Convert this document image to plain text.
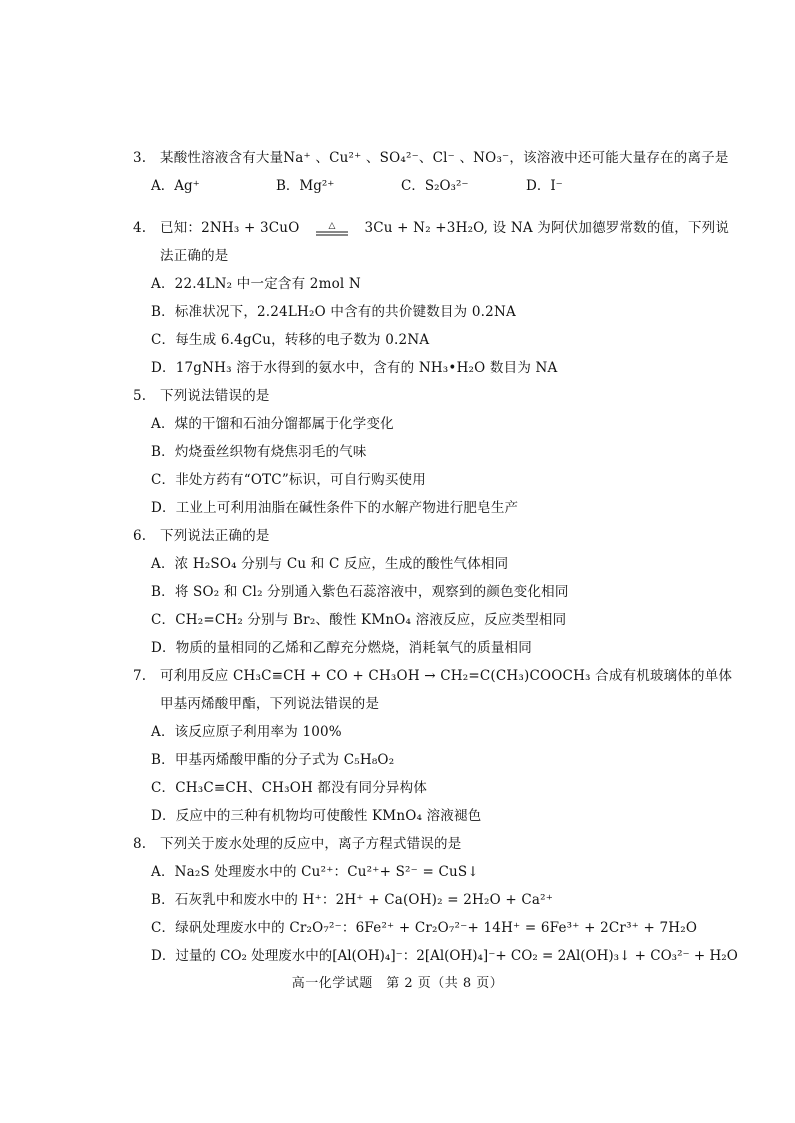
3. 某酸性溶液含有大量Na⁺ 、Cu²⁺ 、SO₄²⁻、Cl⁻ 、NO₃⁻，该溶液中还可能大量存在的离子是
A．Ag⁺	B．Mg²⁺	C．S₂O₃²⁻	D．I⁻
4. 已知：2NH₃ + 3CuO	△ 3Cu + N₂ +3H₂O, 设 NA 为阿伏加德罗常数的值，下列说
法正确的是
A．22.4LN₂ 中一定含有 2mol N
B．标准状况下，2.24LH₂O 中含有的共价键数目为 0.2NA
C．每生成 6.4gCu，转移的电子数为 0.2NA
D．17gNH₃ 溶于水得到的氨水中，含有的 NH₃•H₂O 数目为 NA
5. 下列说法错误的是
A．煤的干馏和石油分馏都属于化学变化
B．灼烧蚕丝织物有烧焦羽毛的气味
C．非处方药有“OTC”标识，可自行购买使用
D．工业上可利用油脂在碱性条件下的水解产物进行肥皂生产
6. 下列说法正确的是
A．浓 H₂SO₄ 分别与 Cu 和 C 反应，生成的酸性气体相同
B．将 SO₂ 和 Cl₂ 分别通入紫色石蕊溶液中，观察到的颜色变化相同
C．CH₂=CH₂ 分别与 Br₂、酸性 KMnO₄ 溶液反应，反应类型相同
D．物质的量相同的乙烯和乙醇充分燃烧，消耗氧气的质量相同
7. 可利用反应 CH₃C≡CH + CO + CH₃OH → CH₂=C(CH₃)COOCH₃ 合成有机玻璃体的单体
甲基丙烯酸甲酯，下列说法错误的是
A．该反应原子利用率为 100%
B．甲基丙烯酸甲酯的分子式为 C₅H₈O₂
C．CH₃C≡CH、CH₃OH 都没有同分异构体
D．反应中的三种有机物均可使酸性 KMnO₄ 溶液褪色
8. 下列关于废水处理的反应中，离子方程式错误的是
A．Na₂S 处理废水中的 Cu²⁺：Cu²⁺+ S²⁻ = CuS↓
B．石灰乳中和废水中的 H⁺：2H⁺ + Ca(OH)₂ = 2H₂O + Ca²⁺
C．绿矾处理废水中的 Cr₂O₇²⁻：6Fe²⁺ + Cr₂O₇²⁻+ 14H⁺ = 6Fe³⁺ + 2Cr³⁺ + 7H₂O
D．过量的 CO₂ 处理废水中的[Al(OH)₄]⁻：2[Al(OH)₄]⁻+ CO₂ = 2Al(OH)₃↓ + CO₃²⁻ + H₂O
高一化学试题　第 2 页（共 8 页）
